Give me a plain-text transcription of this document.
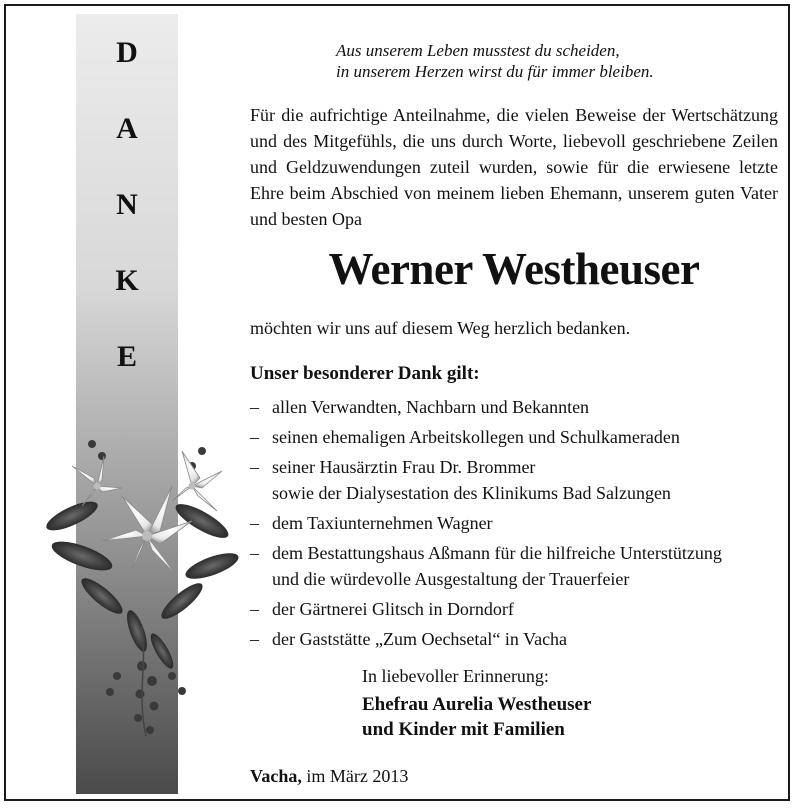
D
A
N
K
E
Aus unserem Leben musstest du scheiden,
in unserem Herzen wirst du für immer bleiben.
Für die aufrichtige Anteilnahme, die vielen Beweise der Wertschätzung und des Mitgefühls, die uns durch Worte, liebevoll geschriebene Zeilen und Geldzuwendungen zuteil wurden, sowie für die erwiesene letzte Ehre beim Abschied von meinem lieben Ehemann, unserem guten Vater und besten Opa
Werner Westheuser
möchten wir uns auf diesem Weg herzlich bedanken.
Unser besonderer Dank gilt:
– allen Verwandten, Nachbarn und Bekannten
– seinen ehemaligen Arbeitskollegen und Schulkameraden
– seiner Hausärztin Frau Dr. Brommer
sowie der Dialysestation des Klinikums Bad Salzungen
– dem Taxiunternehmen Wagner
– dem Bestattungshaus Aßmann für die hilfreiche Unterstützung
und die würdevolle Ausgestaltung der Trauerfeier
– der Gärtnerei Glitsch in Dorndorf
– der Gaststätte „Zum Oechsetal“ in Vacha
In liebevoller Erinnerung:
Ehefrau Aurelia Westheuser
und Kinder mit Familien
Vacha, im März 2013
